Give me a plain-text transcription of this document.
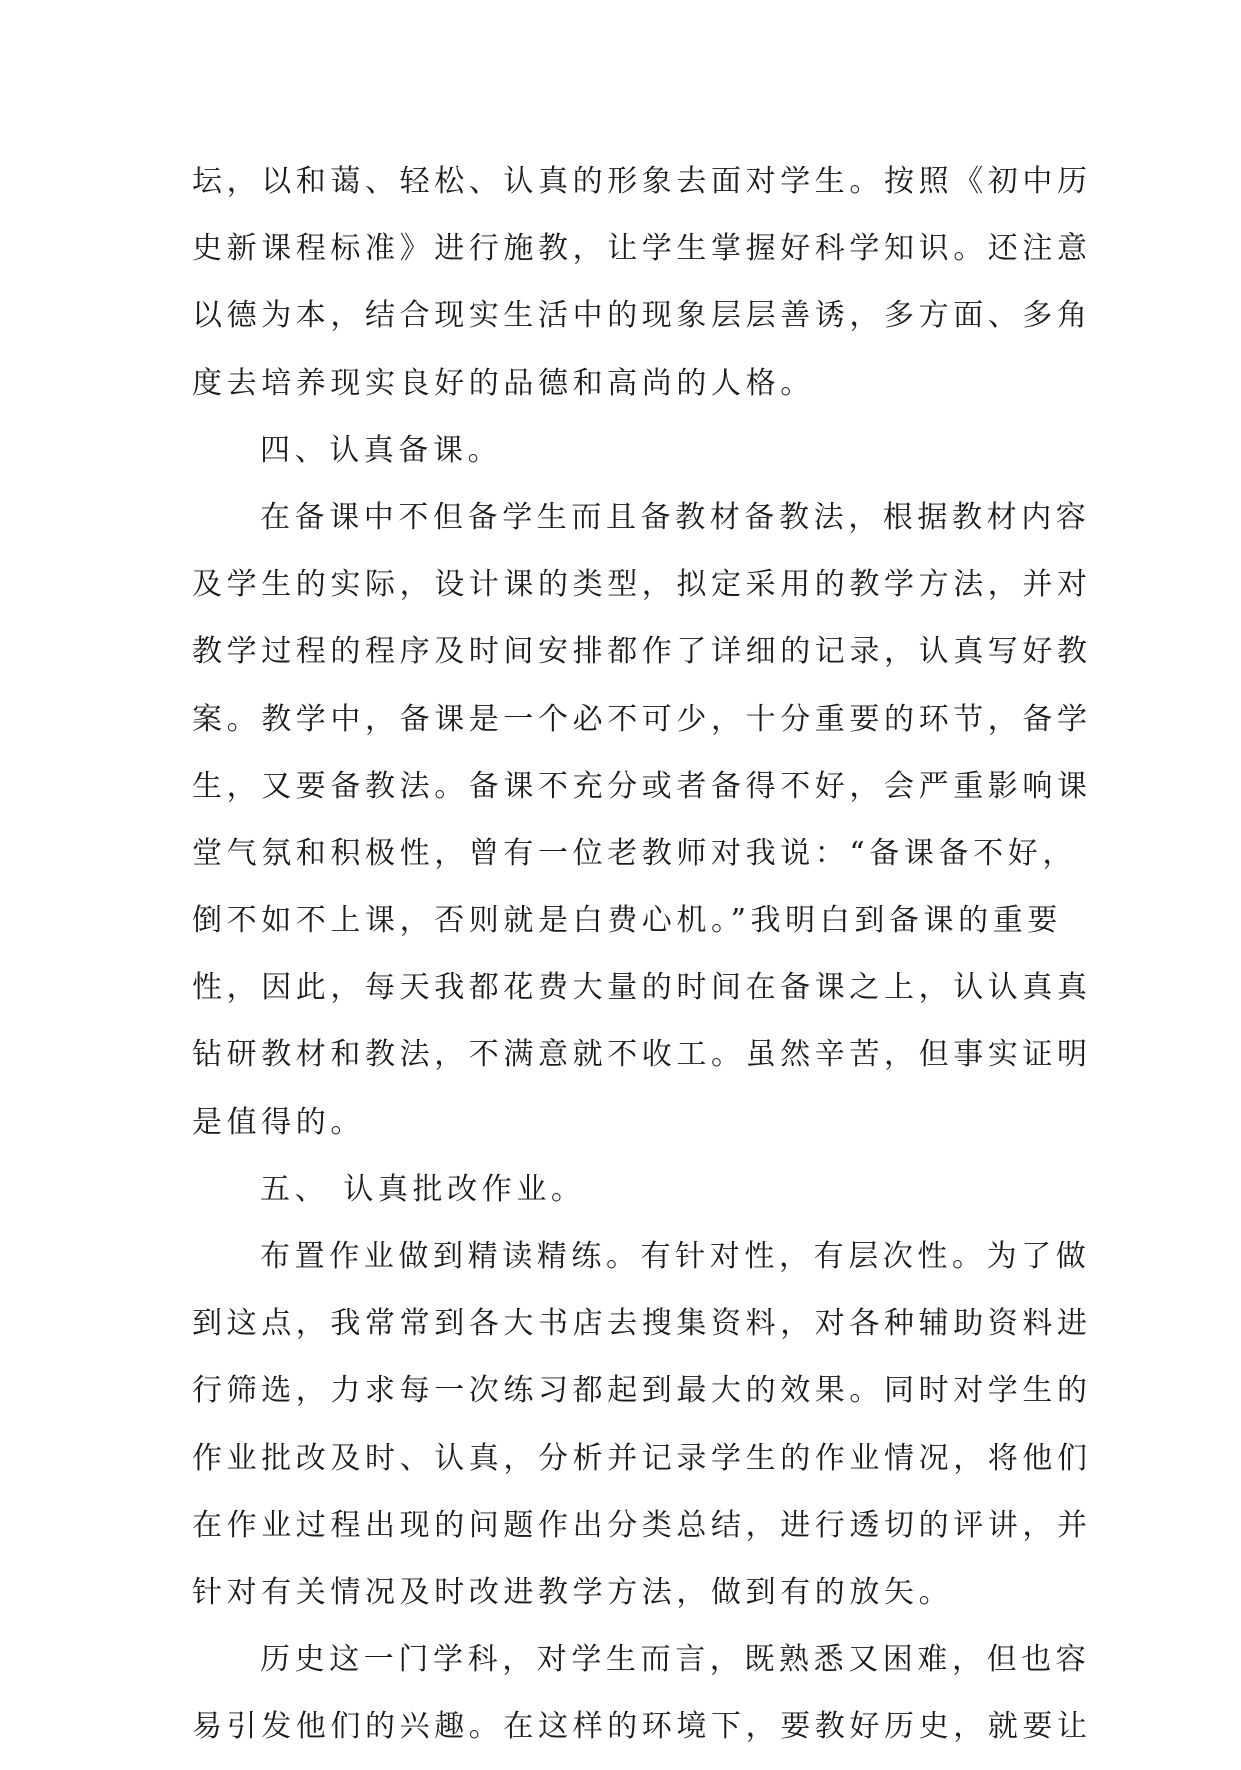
坛，以和蔼、轻松、认真的形象去面对学生。按照《初中历
史新课程标准》进行施教，让学生掌握好科学知识。还注意
以德为本，结合现实生活中的现象层层善诱，多方面、多角
度去培养现实良好的品德和高尚的人格。
四、认真备课。
在备课中不但备学生而且备教材备教法，根据教材内容
及学生的实际，设计课的类型，拟定采用的教学方法，并对
教学过程的程序及时间安排都作了详细的记录，认真写好教
案。教学中，备课是一个必不可少，十分重要的环节，备学
生，又要备教法。备课不充分或者备得不好，会严重影响课
堂气氛和积极性，曾有一位老教师对我说：“备课备不好，
倒不如不上课，否则就是白费心机。”我明白到备课的重要
性，因此，每天我都花费大量的时间在备课之上，认认真真
钻研教材和教法，不满意就不收工。虽然辛苦，但事实证明
是值得的。
五、 认真批改作业。
布置作业做到精读精练。有针对性，有层次性。为了做
到这点，我常常到各大书店去搜集资料，对各种辅助资料进
行筛选，力求每一次练习都起到最大的效果。同时对学生的
作业批改及时、认真，分析并记录学生的作业情况，将他们
在作业过程出现的问题作出分类总结，进行透切的评讲，并
针对有关情况及时改进教学方法，做到有的放矢。
历史这一门学科，对学生而言，既熟悉又困难，但也容
易引发他们的兴趣。在这样的环境下，要教好历史，就要让
